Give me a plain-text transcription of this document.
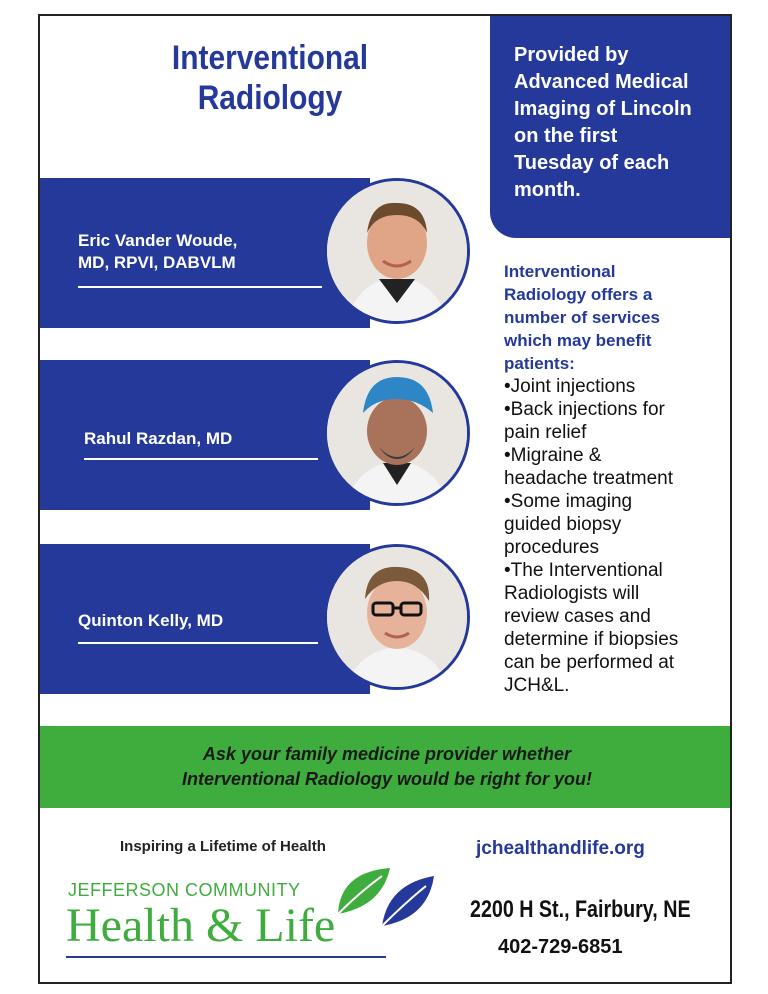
Interventional
Radiology
Provided by
Advanced Medical
Imaging of Lincoln
on the first
Tuesday of each
month.
Eric Vander Woude,
MD, RPVI, DABVLM
Rahul Razdan, MD
Quinton Kelly, MD
Interventional
Radiology offers a
number of services
which may benefit
patients:
•Joint injections
•Back injections for
pain relief
•Migraine &
headache treatment
•Some imaging
guided biopsy
procedures
•The Interventional
Radiologists will
review cases and
determine if biopsies
can be performed at
JCH&L.
Ask your family medicine provider whether
Interventional Radiology would be right for you!
Inspiring a Lifetime of Health
JEFFERSON COMMUNITY
Health & Life
jchealthandlife.org
2200 H St., Fairbury, NE
402-729-6851
